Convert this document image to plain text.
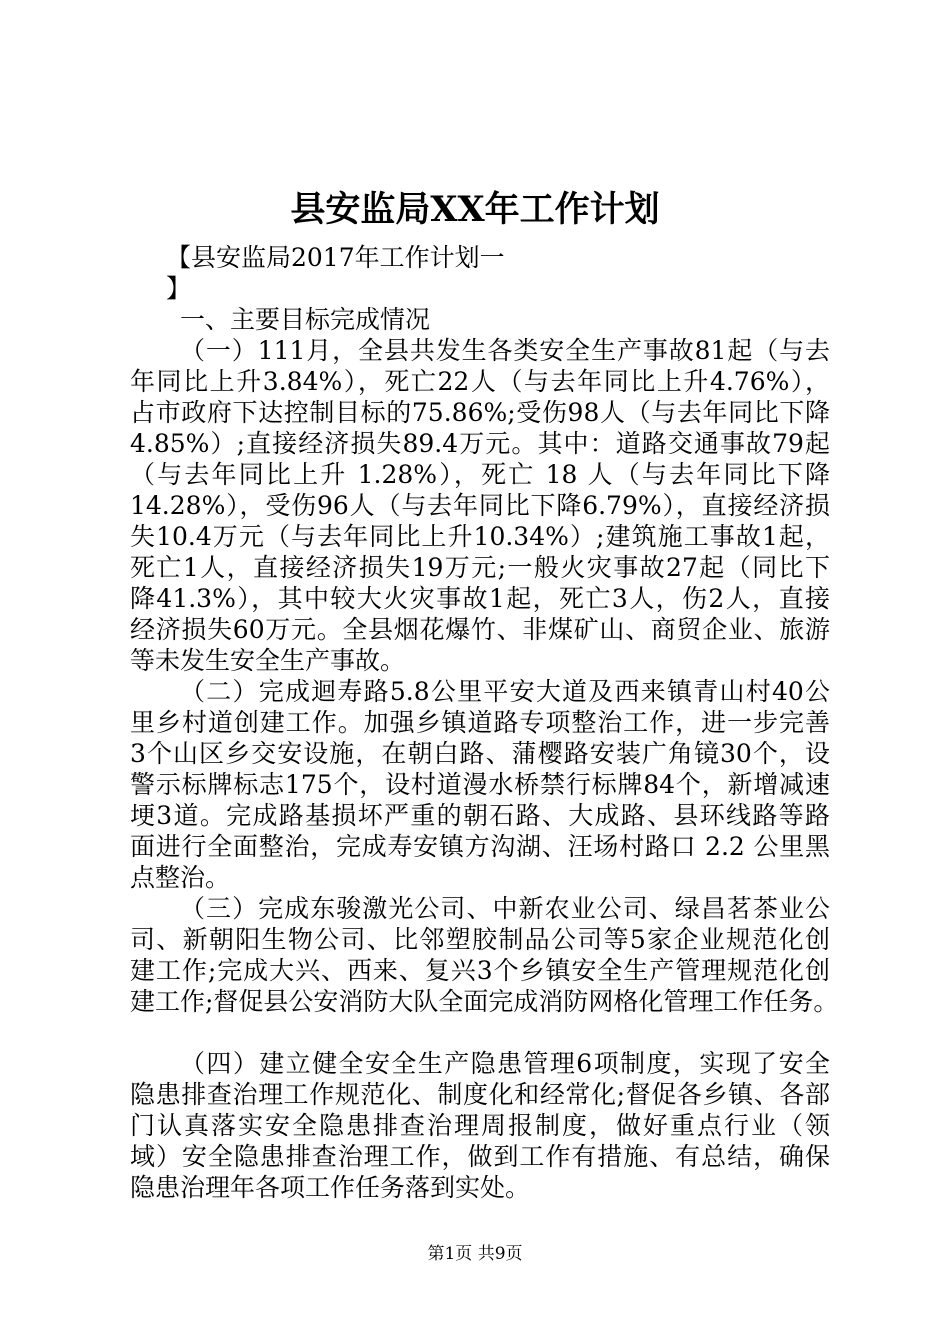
县安监局XX年工作计划
【县安监局2017年工作计划一
】
一、主要目标完成情况
（一）111月，全县共发生各类安全生产事故81起（与去
年同比上升3.84%），死亡22人（与去年同比上升4.76%），
占市政府下达控制目标的75.86%;受伤98人（与去年同比下降
4.85%）;直接经济损失89.4万元。其中：道路交通事故79起
（与去年同比上升 1.28%），死亡 18 人（与去年同比下降
14.28%），受伤96人（与去年同比下降6.79%），直接经济损
失10.4万元（与去年同比上升10.34%）;建筑施工事故1起，
死亡1人，直接经济损失19万元;一般火灾事故27起（同比下
降41.3%），其中较大火灾事故1起，死亡3人，伤2人，直接
经济损失60万元。全县烟花爆竹、非煤矿山、商贸企业、旅游
等未发生安全生产事故。
（二）完成迴寿路5.8公里平安大道及西来镇青山村40公
里乡村道创建工作。加强乡镇道路专项整治工作，进一步完善
3个山区乡交安设施，在朝白路、蒲樱路安装广角镜30个，设
警示标牌标志175个，设村道漫水桥禁行标牌84个，新增减速
埂3道。完成路基损坏严重的朝石路、大成路、县环线路等路
面进行全面整治，完成寿安镇方沟湖、汪场村路口 2.2 公里黑
点整治。
（三）完成东骏激光公司、中新农业公司、绿昌茗茶业公
司、新朝阳生物公司、比邻塑胶制品公司等5家企业规范化创
建工作;完成大兴、西来、复兴3个乡镇安全生产管理规范化创
建工作;督促县公安消防大队全面完成消防网格化管理工作任务。
（四）建立健全安全生产隐患管理6项制度，实现了安全
隐患排查治理工作规范化、制度化和经常化;督促各乡镇、各部
门认真落实安全隐患排查治理周报制度，做好重点行业（领
域）安全隐患排查治理工作，做到工作有措施、有总结，确保
隐患治理年各项工作任务落到实处。
第1页 共9页
